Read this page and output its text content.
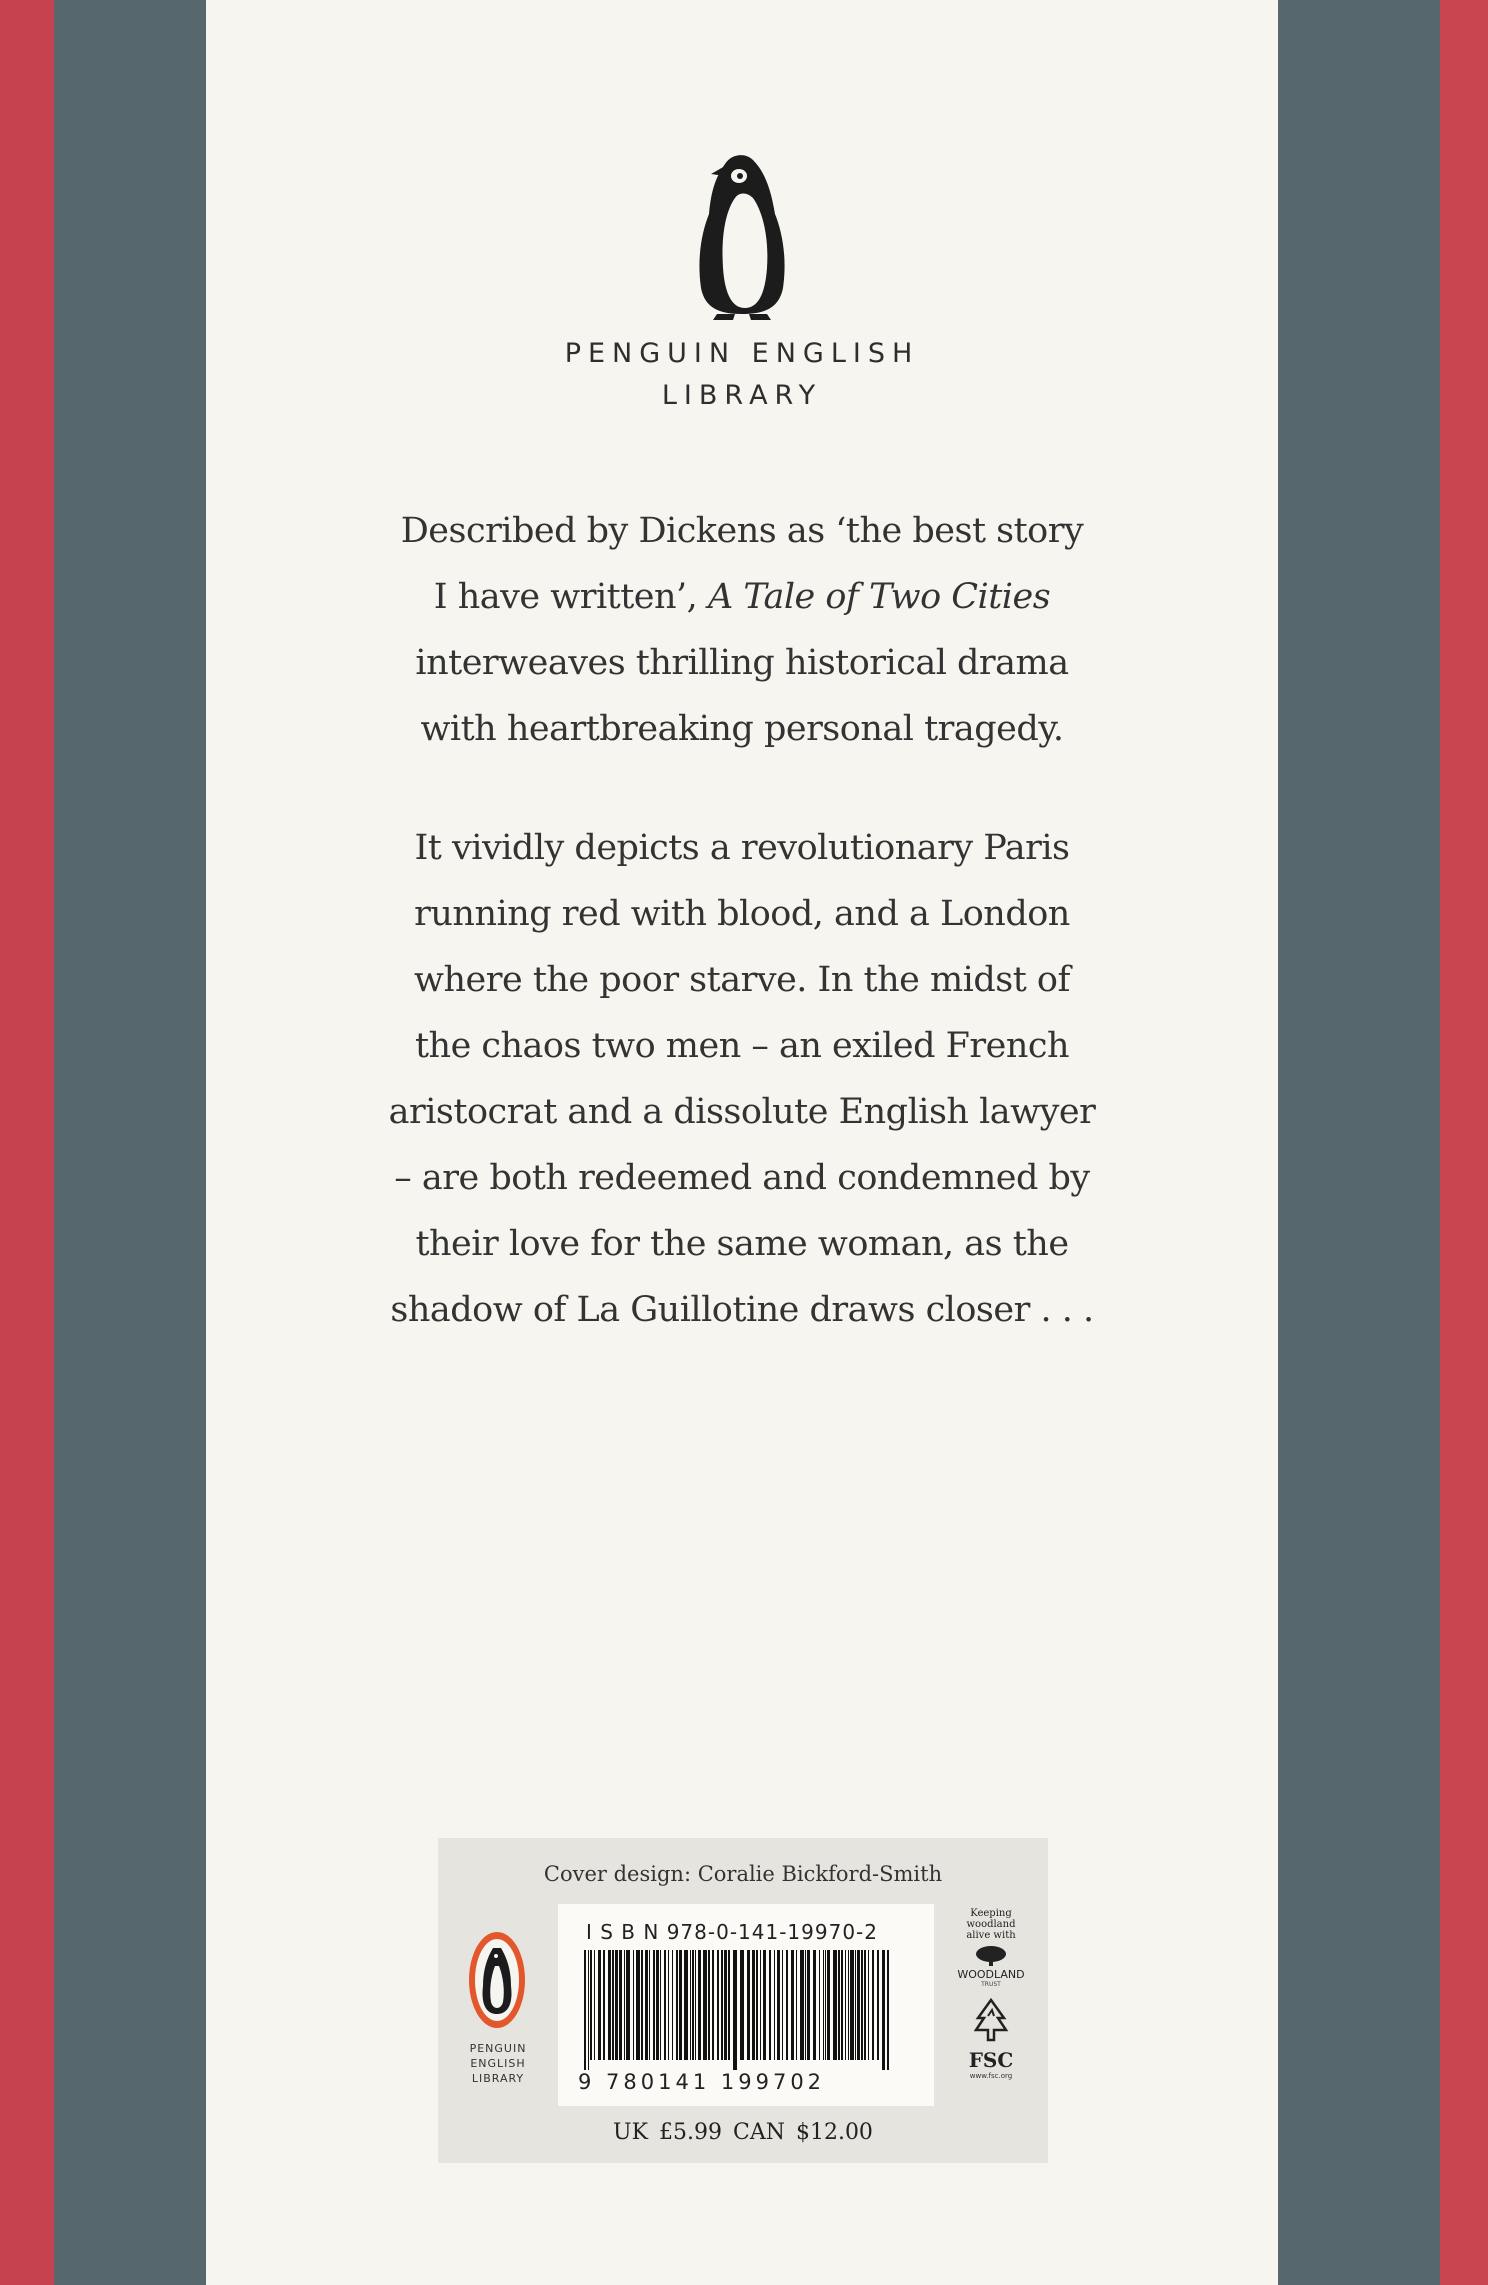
PENGUIN ENGLISH
LIBRARY
Described by Dickens as ‘the best story
I have written’, A Tale of Two Cities
interweaves thrilling historical drama
with heartbreaking personal tragedy.
It vividly depicts a revolutionary Paris
running red with blood, and a London
where the poor starve. In the midst of
the chaos two men – an exiled French
aristocrat and a dissolute English lawyer
– are both redeemed and condemned by
their love for the same woman, as the
shadow of La Guillotine draws closer . . .
Cover design: Coralie Bickford-Smith
PENGUIN
ENGLISH
LIBRARY
I S B N 978-0-141-19970-2
9 780141 199702
Keeping
woodland
alive with
WOODLAND
TRUST
FSC
www.fsc.org
UK £5.99 CAN $12.00
